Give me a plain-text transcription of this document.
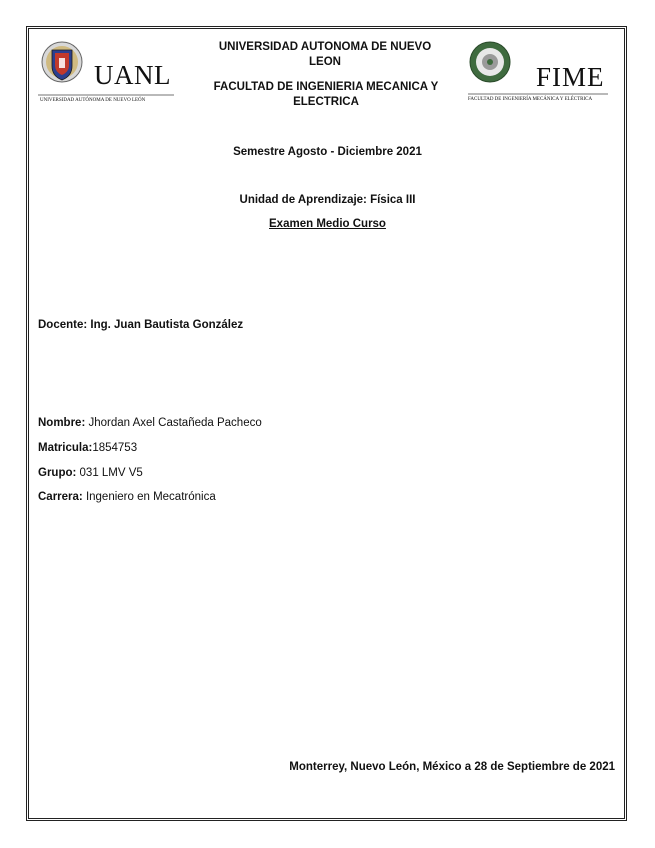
UANL
UNIVERSIDAD AUTÓNOMA DE NUEVO LEÓN
UNIVERSIDAD AUTONOMA DE NUEVO
LEON
FACULTAD DE INGENIERIA MECANICA Y
ELECTRICA
FIME
FACULTAD DE INGENIERÍA MECÁNICA Y ELÉCTRICA
Semestre Agosto - Diciembre 2021
Unidad de Aprendizaje: Física III
Examen Medio Curso
Docente: Ing. Juan Bautista González
Nombre: Jhordan Axel Castañeda Pacheco
Matricula:1854753
Grupo: 031 LMV V5
Carrera: Ingeniero en Mecatrónica
Monterrey, Nuevo León, México a 28 de Septiembre de 2021
